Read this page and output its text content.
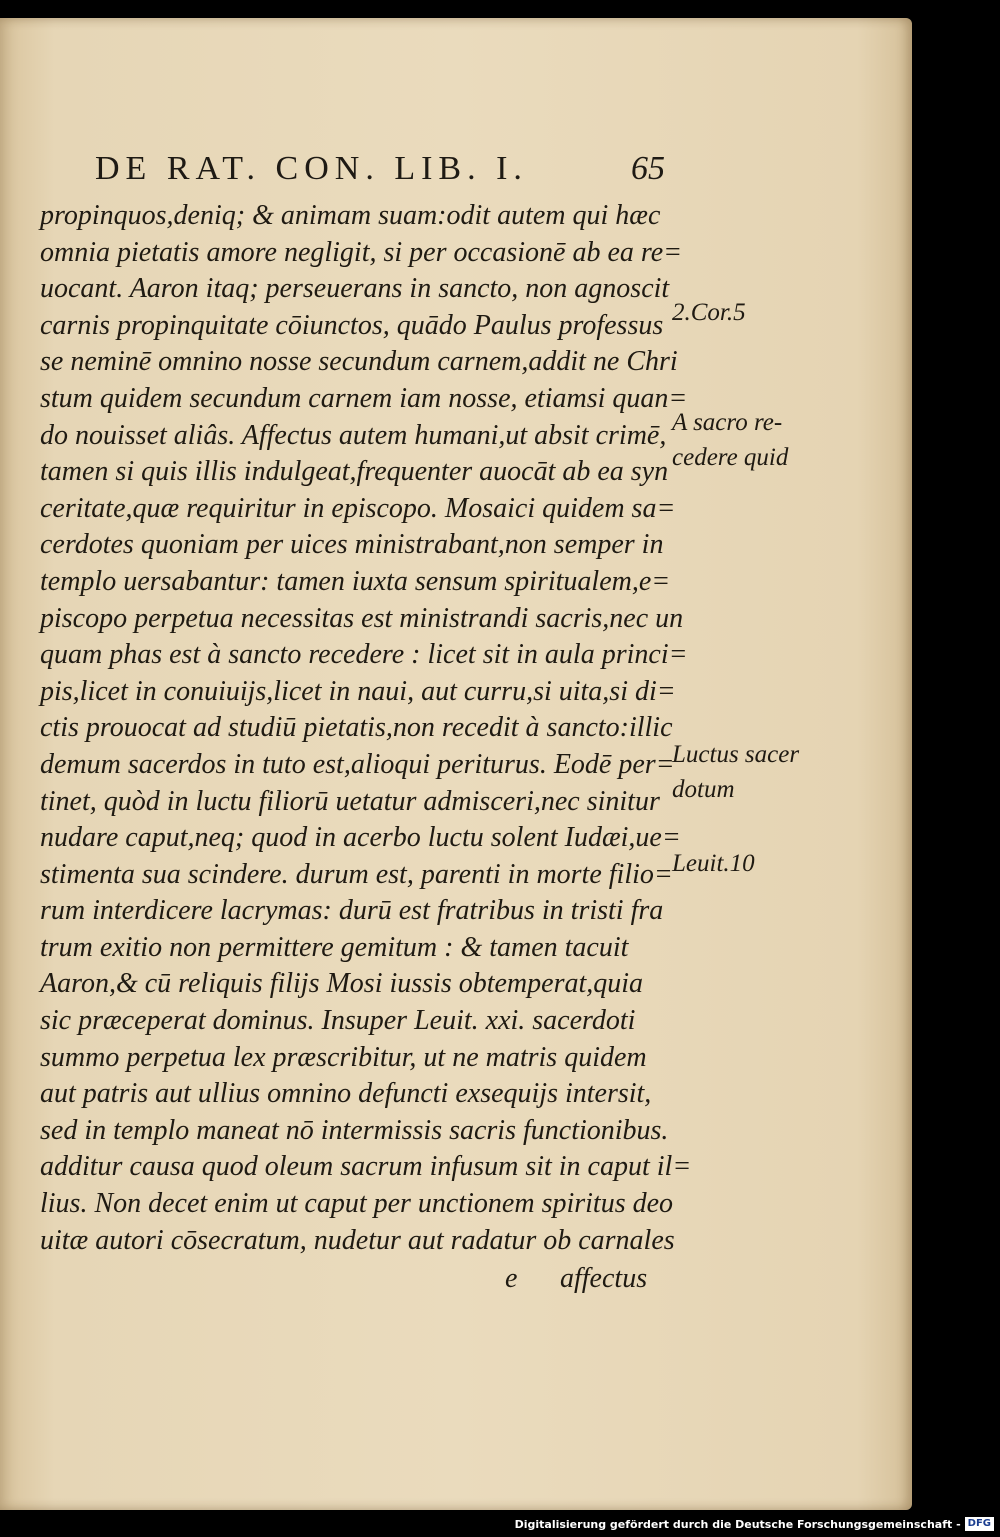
DE RAT. CON. LIB. I.	65
propinquos,deniq; & animam suam:odit autem qui hæc
omnia pietatis amore negligit, si per occasionē ab ea re=
uocant. Aaron itaq; perseuerans in sancto, non agnoscit
carnis propinquitate cōiunctos, quādo Paulus professus
se neminē omnino nosse secundum carnem,addit ne Chri
stum quidem secundum carnem iam nosse, etiamsi quan=
do nouisset aliâs. Affectus autem humani,ut absit crimē,
tamen si quis illis indulgeat,frequenter auocāt ab ea syn
ceritate,quæ requiritur in episcopo. Mosaici quidem sa=
cerdotes quoniam per uices ministrabant,non semper in
templo uersabantur: tamen iuxta sensum spiritualem,e=
piscopo perpetua necessitas est ministrandi sacris,nec un
quam phas est à sancto recedere : licet sit in aula princi=
pis,licet in conuiuijs,licet in naui, aut curru,si uita,si di=
ctis prouocat ad studiū pietatis,non recedit à sancto:illic
demum sacerdos in tuto est,alioqui periturus. Eodē per=
tinet, quòd in luctu filiorū uetatur admisceri,nec sinitur
nudare caput,neq; quod in acerbo luctu solent Iudæi,ue=
stimenta sua scindere. durum est, parenti in morte filio=
rum interdicere lacrymas: durū est fratribus in tristi fra
trum exitio non permittere gemitum : & tamen tacuit
Aaron,& cū reliquis filijs Mosi iussis obtemperat,quia
sic præceperat dominus. Insuper Leuit. xxi. sacerdoti
summo perpetua lex præscribitur, ut ne matris quidem
aut patris aut ullius omnino defuncti exsequijs intersit,
sed in templo maneat nō intermissis sacris functionibus.
additur causa quod oleum sacrum infusum sit in caput il=
lius. Non decet enim ut caput per unctionem spiritus deo
uitæ autori cōsecratum, nudetur aut radatur ob carnales
e affectus
2.Cor.5
A sacro re-
cedere quid
Luctus sacer
dotum
Leuit.10
Digitalisierung gefördert durch die Deutsche Forschungsgemeinschaft - DFG
